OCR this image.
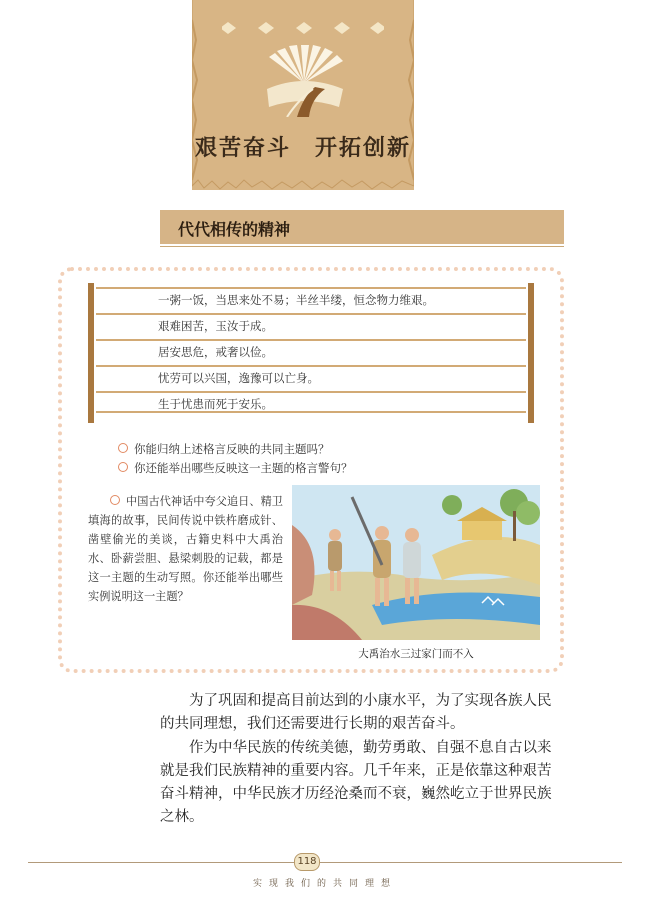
艰苦奋斗　开拓创新
代代相传的精神
一粥一饭，当思来处不易；半丝半缕，恒念物力维艰。
艰难困苦，玉汝于成。
居安思危，戒奢以俭。
忧劳可以兴国，逸豫可以亡身。
生于忧患而死于安乐。
你能归纳上述格言反映的共同主题吗？
你还能举出哪些反映这一主题的格言警句？
中国古代神话中夸父追日、精卫填海的故事，民间传说中铁杵磨成针、凿壁偷光的美谈，古籍史料中大禹治水、卧薪尝胆、悬梁刺股的记载，都是这一主题的生动写照。你还能举出哪些实例说明这一主题？
大禹治水三过家门而不入

为了巩固和提高目前达到的小康水平，为了实现各族人民的共同理想，我们还需要进行长期的艰苦奋斗。

作为中华民族的传统美德，勤劳勇敢、自强不息自古以来就是我们民族精神的重要内容。几千年来，正是依靠这种艰苦奋斗精神，中华民族才历经沧桑而不衰，巍然屹立于世界民族之林。

118
实现我们的共同理想
